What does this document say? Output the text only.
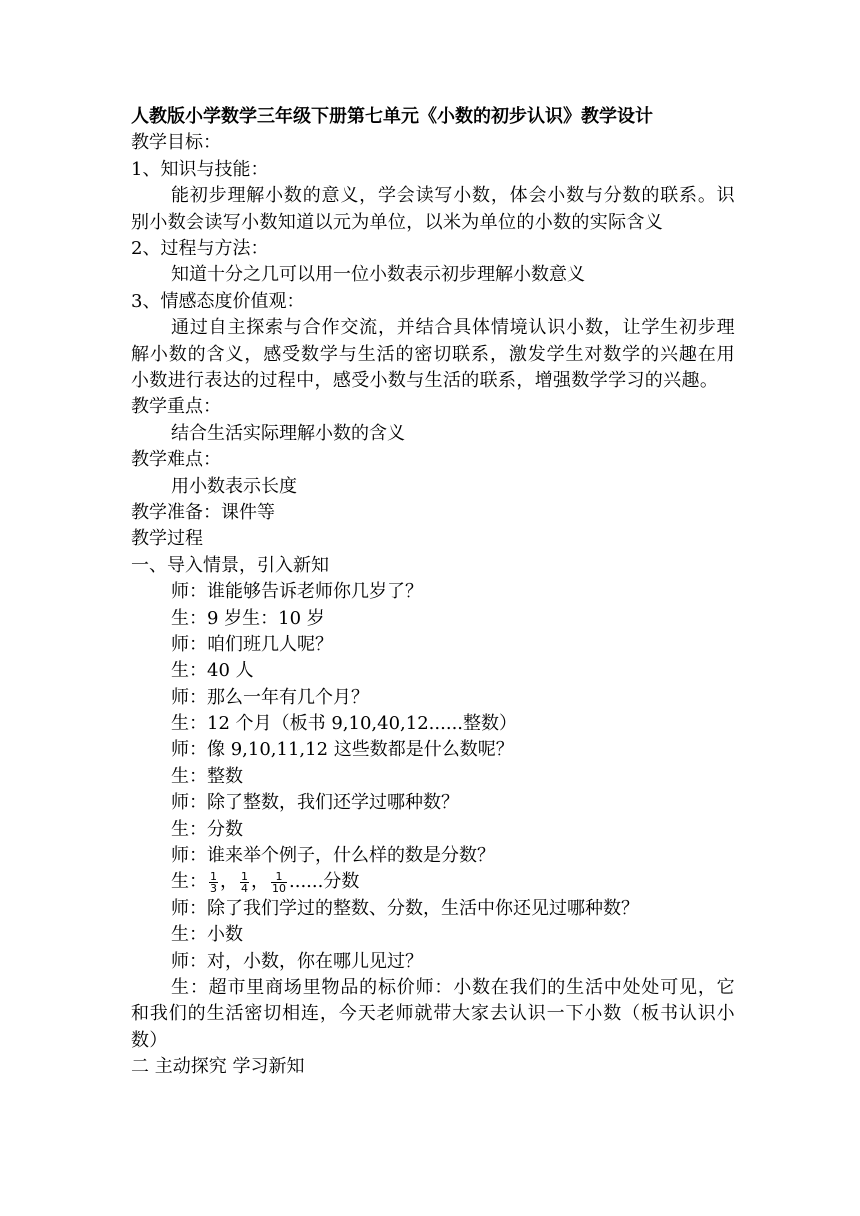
人教版小学数学三年级下册第七单元《小数的初步认识》教学设计
教学目标：
1、知识与技能：
能初步理解小数的意义，学会读写小数，体会小数与分数的联系。识别小数会读写小数知道以元为单位，以米为单位的小数的实际含义
2、过程与方法：
知道十分之几可以用一位小数表示初步理解小数意义
3、情感态度价值观：
通过自主探索与合作交流，并结合具体情境认识小数，让学生初步理解小数的含义，感受数学与生活的密切联系，激发学生对数学的兴趣在用小数进行表达的过程中，感受小数与生活的联系，增强数学学习的兴趣。
教学重点：
结合生活实际理解小数的含义
教学难点：
用小数表示长度
教学准备：课件等
教学过程
一、导入情景，引入新知
师：谁能够告诉老师你几岁了？
生：9 岁生：10 岁
师：咱们班几人呢？
生：40 人
师：那么一年有几个月？
生：12 个月（板书 9,10,40,12......整数）
师：像 9,10,11,12 这些数都是什么数呢？
生：整数
师：除了整数，我们还学过哪种数？
生：分数
师：谁来举个例子，什么样的数是分数？
生： $\frac{1}{3}$ ， $\frac{1}{4}$ ， $\frac{1}{10}$ ......分数
师：除了我们学过的整数、分数，生活中你还见过哪种数？
生：小数
师：对，小数，你在哪儿见过？
生：超市里商场里物品的标价师：小数在我们的生活中处处可见，它和我们的生活密切相连，今天老师就带大家去认识一下小数（板书认识小数）
二 主动探究 学习新知
